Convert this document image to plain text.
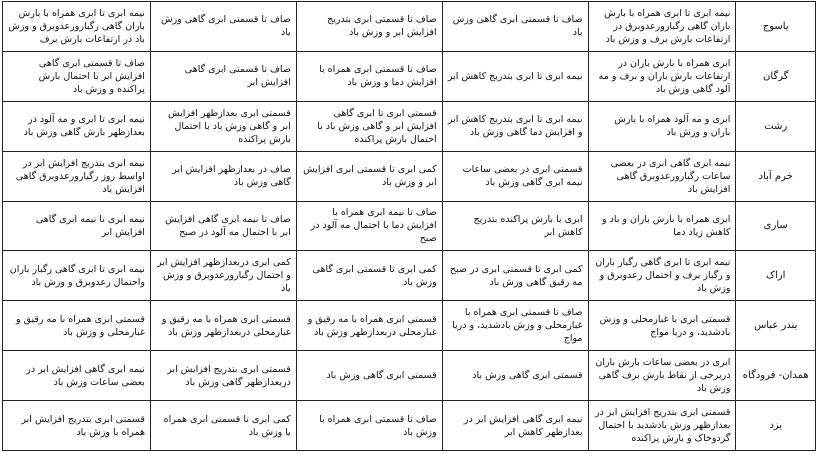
یاسوج	نیمه ابری تا ابری همراه با بارش باران گاهی رگبارورعدوبرق در ارتفاعات بارش برف و وزش باد	صاف تا قسمتی ابری گاهی وزش باد	صاف تا قسمتی ابری بتدریج افزایش ابر و وزش باد	صاف تا قسمتی ابری گاهی وزش باد	نیمه ابری تا ابری همراه با بارش باران گاهی رگبارورعدوبرق و وزش باد در ارتفاعات بارش برف
گرگان	ابری همراه با بارش باران در ارتفاعات بارش باران و برف و مه آلود گاهی وزش باد	نیمه ابری تا ابری بتدریج کاهش ابر	صاف تا قسمتی ابری همراه با افزایش دما و وزش باد	صاف تا قسمتی ابری گاهی افزایش ابر	صاف تا قسمتی ابری گاهی افزایش ابر با احتمال بارش پراکنده و وزش باد
رشت	ابری و مه آلود همراه با بارش باران و وزش باد	نیمه ابری تا ابری بتدریج کاهش ابر و افزایش دما گاهی وزش باد	قسمتی ابری تا ابری گاهی افزایش ابر و گاهی وزش باد با احتمال بارش پراکنده	قسمتی ابری بعدازظهر افزایش ابر و گاهی وزش باد با احتمال بارش پراکنده	نیمه ابری تا ابری و مه آلود در بعدازظهر بارش گاهی وزش باد
خرم آباد	نیمه ابری گاهی ابری در بعضی ساعات رگبارورعدوبرق گاهی افزایش باد	قسمتی ابری در بعضی ساعات نیمه ابری گاهی وزش باد	کمی ابری تا قسمتی ابری افزایش ابر و وزش باد	صاف در بعدازظهر افزایش ابر گاهی وزش باد	نیمه ابری بتدریج افزایش ابر در اواسط روز رگبارورعدوبرق گاهی افزایش باد
ساری	ابری همراه با بارش باران و باد و کاهش زیاد دما	ابری با بارش پراکنده بتدریج کاهش ابر	صاف تا نیمه ابری همراه با افزایش دما با احتمال مه آلود در صبح	صاف تا نیمه ابری گاهی افزایش ابر با احتمال مه آلود در صبح	نیمه ابری تا نیمه ابری گاهی افزایش ابر
اراک	نیمه ابری تا ابری گاهی رگبار باران و رگبار برف و احتمال رعدوبرق و وزش باد	کمی ابری تا قسمتی ابری در صبح مه رقیق گاهی وزش باد	کمی ابری تا قسمتی ابری گاهی وزش باد	کمی ابری دربعدازظهر افزایش ابر و احتمال رگبارورعدوبرق و وزش باد	نیمه ابری تا ابری گاهی رگبار باران واحتمال رعدوبرق و وزش باد
بندر عباس	قسمتی ابری با غبارمحلی و وزش بادشدید، و دریا مواج	صاف تا قسمتی ابری همراه با غبارمحلی و وزش بادشدید، و دریا مواج	قسمتی ابری همراه با مه رقیق و غبارمحلی دربعدازظهر وزش باد	قسمتی ابری همراه با مه رقیق و غبارمحلی دربعدازظهر وزش باد	قسمتی ابری همراه با مه رقیق و غبارمحلی و وزش باد
همدان- فرودگاه	ابری در بعضی ساعات بارش باران دربرخی از نقاط بارش برف گاهی وزش باد	قسمتی ابری گاهی وزش باد	قسمتی ابری گاهی وزش باد	قسمتی ابری بتدریج افزایش ابر دربعدازظهر گاهی وزش باد	نیمه ابری گاهی افزایش ابر در بعضی ساعات وزش باد
یزد	قسمتی ابری بتدریج افزایش ابر در بعدازظهر وزش بادشدید با احتمال گردوخاک و بارش پراکنده	نیمه ابری گاهی افزایش ابر در بعدازظهر کاهش ابر	صاف تا قسمتی ابری همراه با وزش باد	کمی ابری تا قسمتی ابری همراه با وزش باد	قسمتی ابری بتدریج افزایش ابر همراه با وزش باد
